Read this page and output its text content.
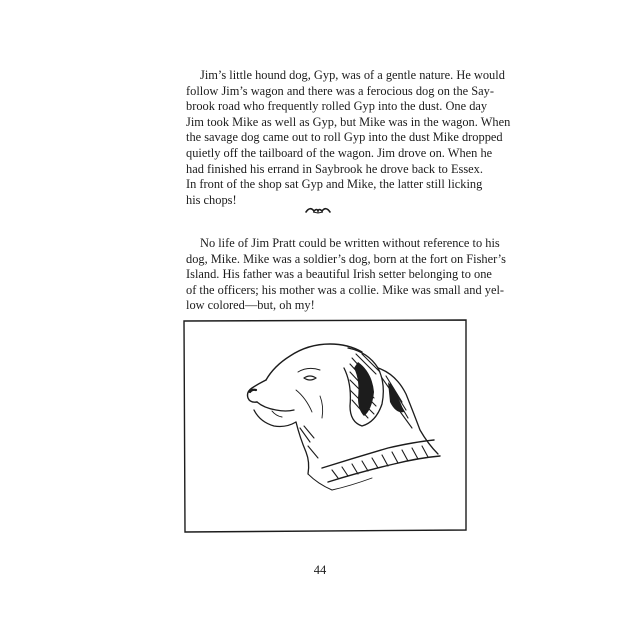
Jim’s little hound dog, Gyp, was of a gentle nature. He would
follow Jim’s wagon and there was a ferocious dog on the Say-
brook road who frequently rolled Gyp into the dust. One day
Jim took Mike as well as Gyp, but Mike was in the wagon. When
the savage dog came out to roll Gyp into the dust Mike dropped
quietly off the tailboard of the wagon. Jim drove on. When he
had finished his errand in Saybrook he drove back to Essex.
In front of the shop sat Gyp and Mike, the latter still licking
his chops!
No life of Jim Pratt could be written without reference to his
dog, Mike. Mike was a soldier’s dog, born at the fort on Fisher’s
Island. His father was a beautiful Irish setter belonging to one
of the officers; his mother was a collie. Mike was small and yel-
low colored—but, oh my!
44
